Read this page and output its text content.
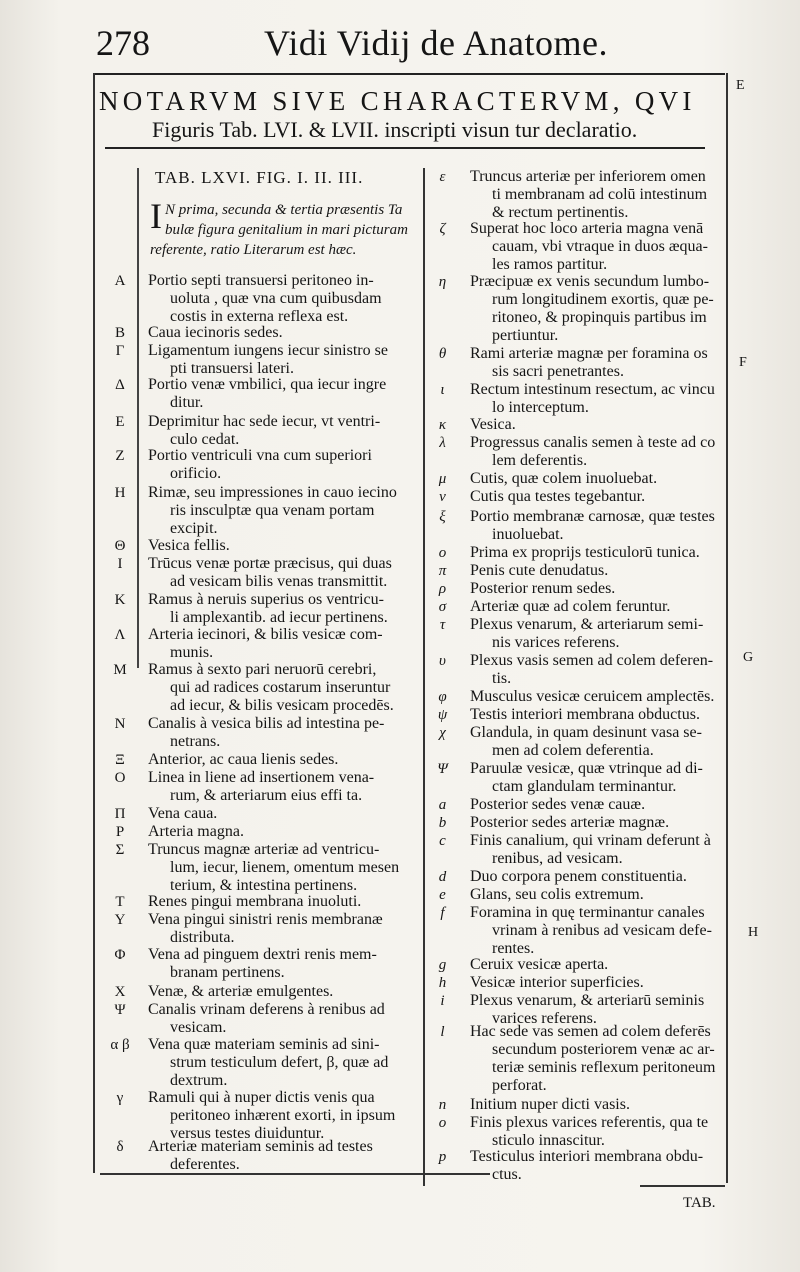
278	Vidi Vidij de Anatome.
NOTARVM SIVE CHARACTERVM, QVI
Figuris Tab. LVI. & LVII. inscripti visun tur declaratio.
TAB. LXVI. FIG. I. II. III.
I N prima, secunda & tertia præsentis Ta bulæ figura genitalium in mari picturam referente, ratio Literarum est hæc.
A	Portio septi transuersi peritoneo in-
uoluta , quæ vna cum quibusdam
costis in externa reflexa est.
B	Caua iecinoris sedes.
Γ	Ligamentum iungens iecur sinistro se
pti transuersi lateri.
Δ	Portio venæ vmbilici, qua iecur ingre
ditur.
E	Deprimitur hac sede iecur, vt ventri-
culo cedat.
Z	Portio ventriculi vna cum superiori
orificio.
H	Rimæ, seu impressiones in cauo iecino
ris insculptæ qua venam portam
excipit.
Θ	Vesica fellis.
I	Trūcus venæ portæ præcisus, qui duas
ad vesicam bilis venas transmittit.
K	Ramus à neruis superius os ventricu-
li amplexantib. ad iecur pertinens.
Λ	Arteria iecinori, & bilis vesicæ com-
munis.
M	Ramus à sexto pari neruorū cerebri,
qui ad radices costarum inseruntur
ad iecur, & bilis vesicam procedēs.
N	Canalis à vesica bilis ad intestina pe-
netrans.
Ξ	Anterior, ac caua lienis sedes.
O	Linea in liene ad insertionem vena-
rum, & arteriarum eius effi ta.
Π	Vena caua.
P	Arteria magna.
Σ	Truncus magnæ arteriæ ad ventricu-
lum, iecur, lienem, omentum mesen
terium, & intestina pertinens.
T	Renes pingui membrana inuoluti.
Y	Vena pingui sinistri renis membranæ
distributa.
Φ	Vena ad pinguem dextri renis mem-
branam pertinens.
X	Venæ, & arteriæ emulgentes.
Ψ	Canalis vrinam deferens à renibus ad
vesicam.
α β	Vena quæ materiam seminis ad sini-
strum testiculum defert, β, quæ ad
dextrum.
γ	Ramuli qui à nuper dictis venis qua
peritoneo inhærent exorti, in ipsum
versus testes diuiduntur.
δ	Arteriæ materiam seminis ad testes
deferentes.
ε	Truncus arteriæ per inferiorem omen
ti membranam ad colū intestinum
& rectum pertinentis.
ζ	Superat hoc loco arteria magna venā
cauam, vbi vtraque in duos æqua-
les ramos partitur.
η	Præcipuæ ex venis secundum lumbo-
rum longitudinem exortis, quæ pe-
ritoneo, & propinquis partibus im
pertiuntur.
θ	Rami arteriæ magnæ per foramina os
sis sacri penetrantes.
ι	Rectum intestinum resectum, ac vincu
lo interceptum.
κ	Vesica.
λ	Progressus canalis semen à teste ad co
lem deferentis.
μ	Cutis, quæ colem inuoluebat.
ν	Cutis qua testes tegebantur.
ξ	Portio membranæ carnosæ, quæ testes
inuoluebat.
ο	Prima ex proprijs testiculorū tunica.
π	Penis cute denudatus.
ρ	Posterior renum sedes.
σ	Arteriæ quæ ad colem feruntur.
τ	Plexus venarum, & arteriarum semi-
nis varices referens.
υ	Plexus vasis semen ad colem deferen-
tis.
φ	Musculus vesicæ ceruicem amplectēs.
ψ	Testis interiori membrana obductus.
χ	Glandula, in quam desinunt vasa se-
men ad colem deferentia.
Ψ	Paruulæ vesicæ, quæ vtrinque ad di-
ctam glandulam terminantur.
a	Posterior sedes venæ cauæ.
b	Posterior sedes arteriæ magnæ.
c	Finis canalium, qui vrinam deferunt à
renibus, ad vesicam.
d	Duo corpora penem constituentia.
e	Glans, seu colis extremum.
f	Foramina in quę terminantur canales
vrinam à renibus ad vesicam defe-
rentes.
g	Ceruix vesicæ aperta.
h	Vesicæ interior superficies.
i	Plexus venarum, & arteriarū seminis
varices referens.
l	Hac sede vas semen ad colem deferēs
secundum posteriorem venæ ac ar-
teriæ seminis reflexum peritoneum
perforat.
n	Initium nuper dicti vasis.
o	Finis plexus varices referentis, qua te
sticulo innascitur.
p	Testiculus interiori membrana obdu-
ctus.
E
F
G
H
TAB.
